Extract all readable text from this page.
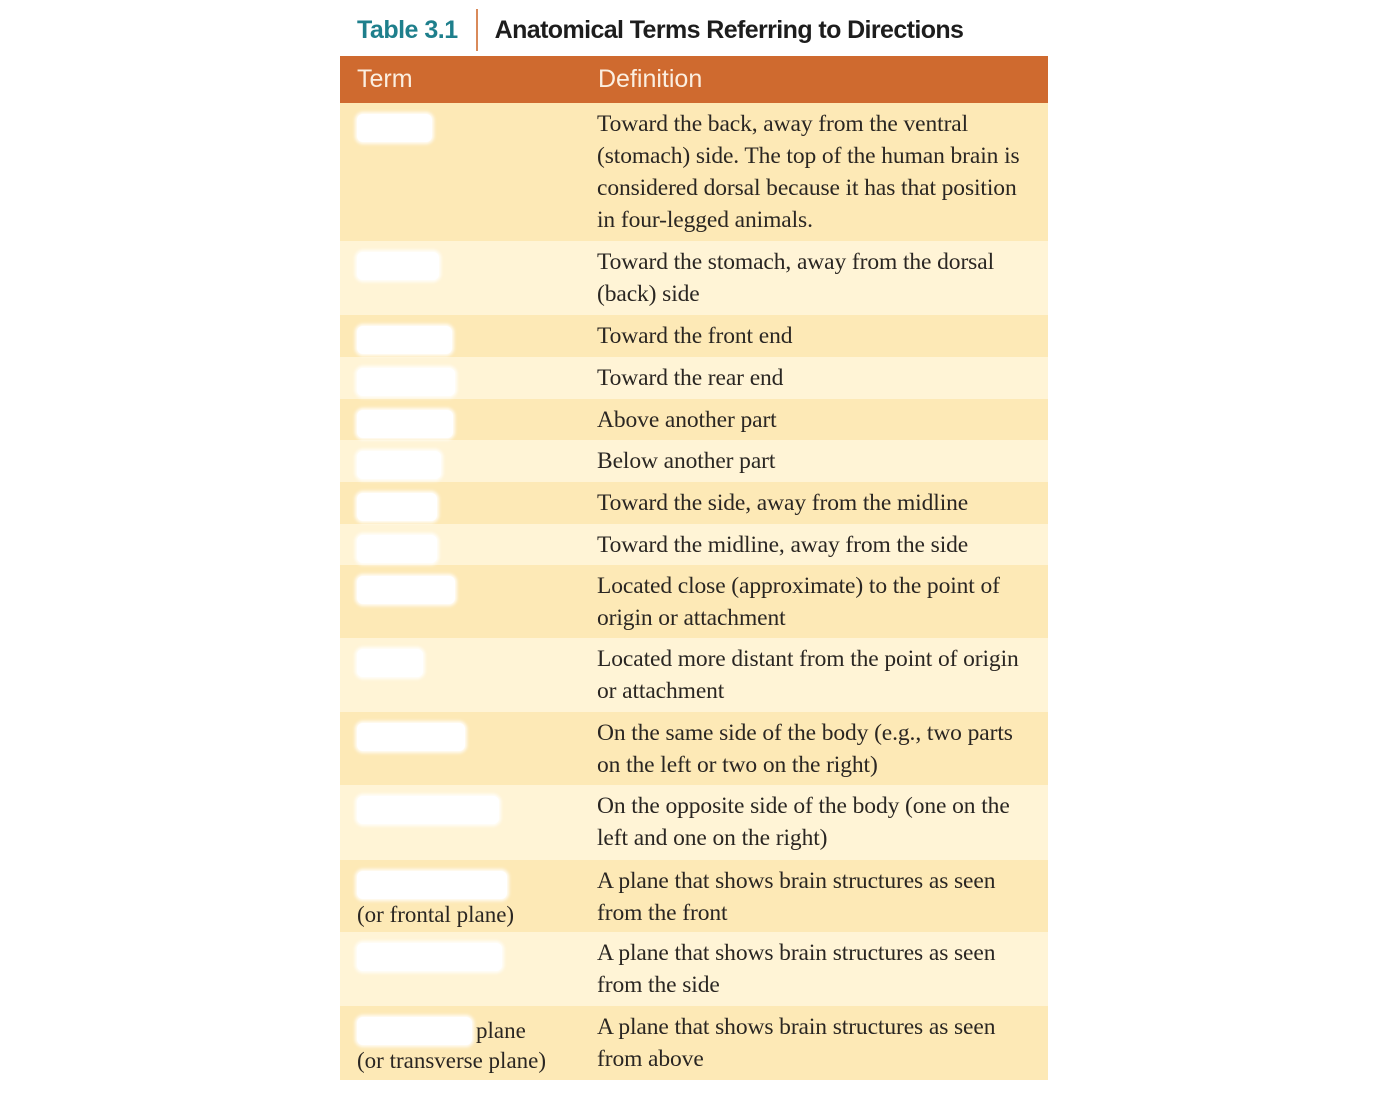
Table 3.1 Anatomical Terms Referring to Directions
Term	Definition
Toward the back, away from the ventral (stomach) side. The top of the human brain is considered dorsal because it has that position in four-legged animals.
Toward the stomach, away from the dorsal (back) side
Toward the front end
Toward the rear end
Above another part
Below another part
Toward the side, away from the midline
Toward the midline, away from the side
Located close (approximate) to the point of origin or attachment
Located more distant from the point of origin or attachment
On the same side of the body (e.g., two parts on the left or two on the right)
On the opposite side of the body (one on the left and one on the right)
(or frontal plane)
A plane that shows brain structures as seen from the front
A plane that shows brain structures as seen from the side
plane
(or transverse plane)
A plane that shows brain structures as seen from above
